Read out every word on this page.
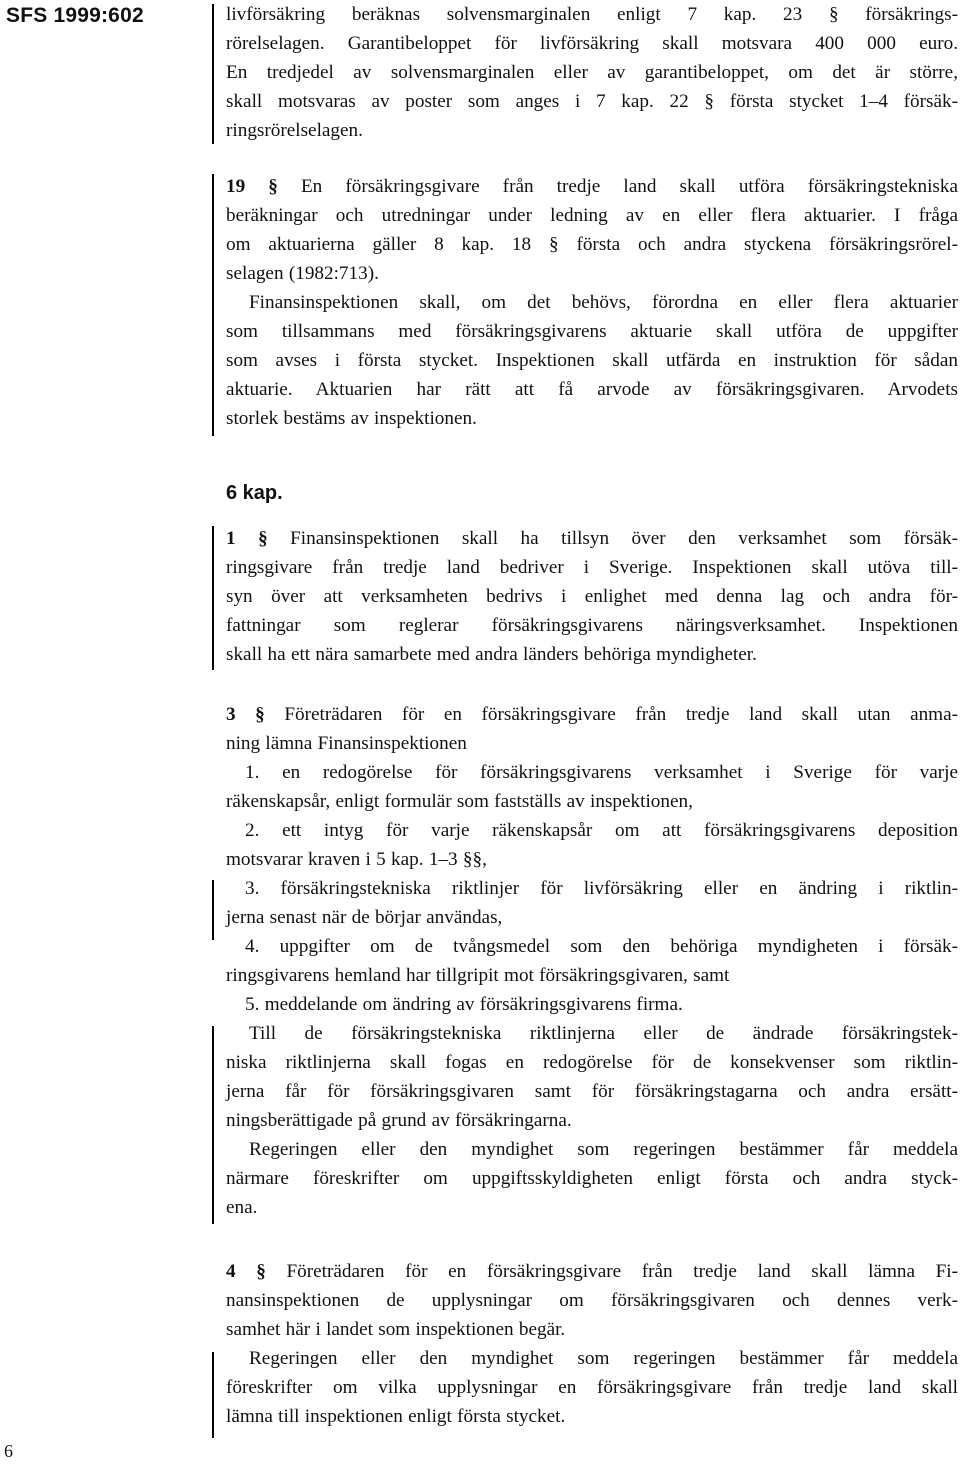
SFS 1999:602	livförsäkring beräknas solvensmarginalen enligt 7 kap. 23 § försäkrings-
rörelselagen. Garantibeloppet för livförsäkring skall motsvara 400 000 euro.
En tredjedel av solvensmarginalen eller av garantibeloppet, om det är större,
skall motsvaras av poster som anges i 7 kap. 22 § första stycket 1–4 försäk-
ringsrörelselagen.
19 § En försäkringsgivare från tredje land skall utföra försäkringstekniska
beräkningar och utredningar under ledning av en eller flera aktuarier. I fråga
om aktuarierna gäller 8 kap. 18 § första och andra styckena försäkringsrörel-
selagen (1982:713).
Finansinspektionen skall, om det behövs, förordna en eller flera aktuarier
som tillsammans med försäkringsgivarens aktuarie skall utföra de uppgifter
som avses i första stycket. Inspektionen skall utfärda en instruktion för sådan
aktuarie. Aktuarien har rätt att få arvode av försäkringsgivaren. Arvodets
storlek bestäms av inspektionen.
6 kap.
1 § Finansinspektionen skall ha tillsyn över den verksamhet som försäk-
ringsgivare från tredje land bedriver i Sverige. Inspektionen skall utöva till-
syn över att verksamheten bedrivs i enlighet med denna lag och andra för-
fattningar som reglerar försäkringsgivarens näringsverksamhet. Inspektionen
skall ha ett nära samarbete med andra länders behöriga myndigheter.
3 § Företrädaren för en försäkringsgivare från tredje land skall utan anma-
ning lämna Finansinspektionen
1. en redogörelse för försäkringsgivarens verksamhet i Sverige för varje
räkenskapsår, enligt formulär som fastställs av inspektionen,
2. ett intyg för varje räkenskapsår om att försäkringsgivarens deposition
motsvarar kraven i 5 kap. 1–3 §§,
3. försäkringstekniska riktlinjer för livförsäkring eller en ändring i riktlin-
jerna senast när de börjar användas,
4. uppgifter om de tvångsmedel som den behöriga myndigheten i försäk-
ringsgivarens hemland har tillgripit mot försäkringsgivaren, samt
5. meddelande om ändring av försäkringsgivarens firma.
Till de försäkringstekniska riktlinjerna eller de ändrade försäkringstek-
niska riktlinjerna skall fogas en redogörelse för de konsekvenser som riktlin-
jerna får för försäkringsgivaren samt för försäkringstagarna och andra ersätt-
ningsberättigade på grund av försäkringarna.
Regeringen eller den myndighet som regeringen bestämmer får meddela
närmare föreskrifter om uppgiftsskyldigheten enligt första och andra styck-
ena.
4 § Företrädaren för en försäkringsgivare från tredje land skall lämna Fi-
nansinspektionen de upplysningar om försäkringsgivaren och dennes verk-
samhet här i landet som inspektionen begär.
Regeringen eller den myndighet som regeringen bestämmer får meddela
föreskrifter om vilka upplysningar en försäkringsgivare från tredje land skall
lämna till inspektionen enligt första stycket.
6
